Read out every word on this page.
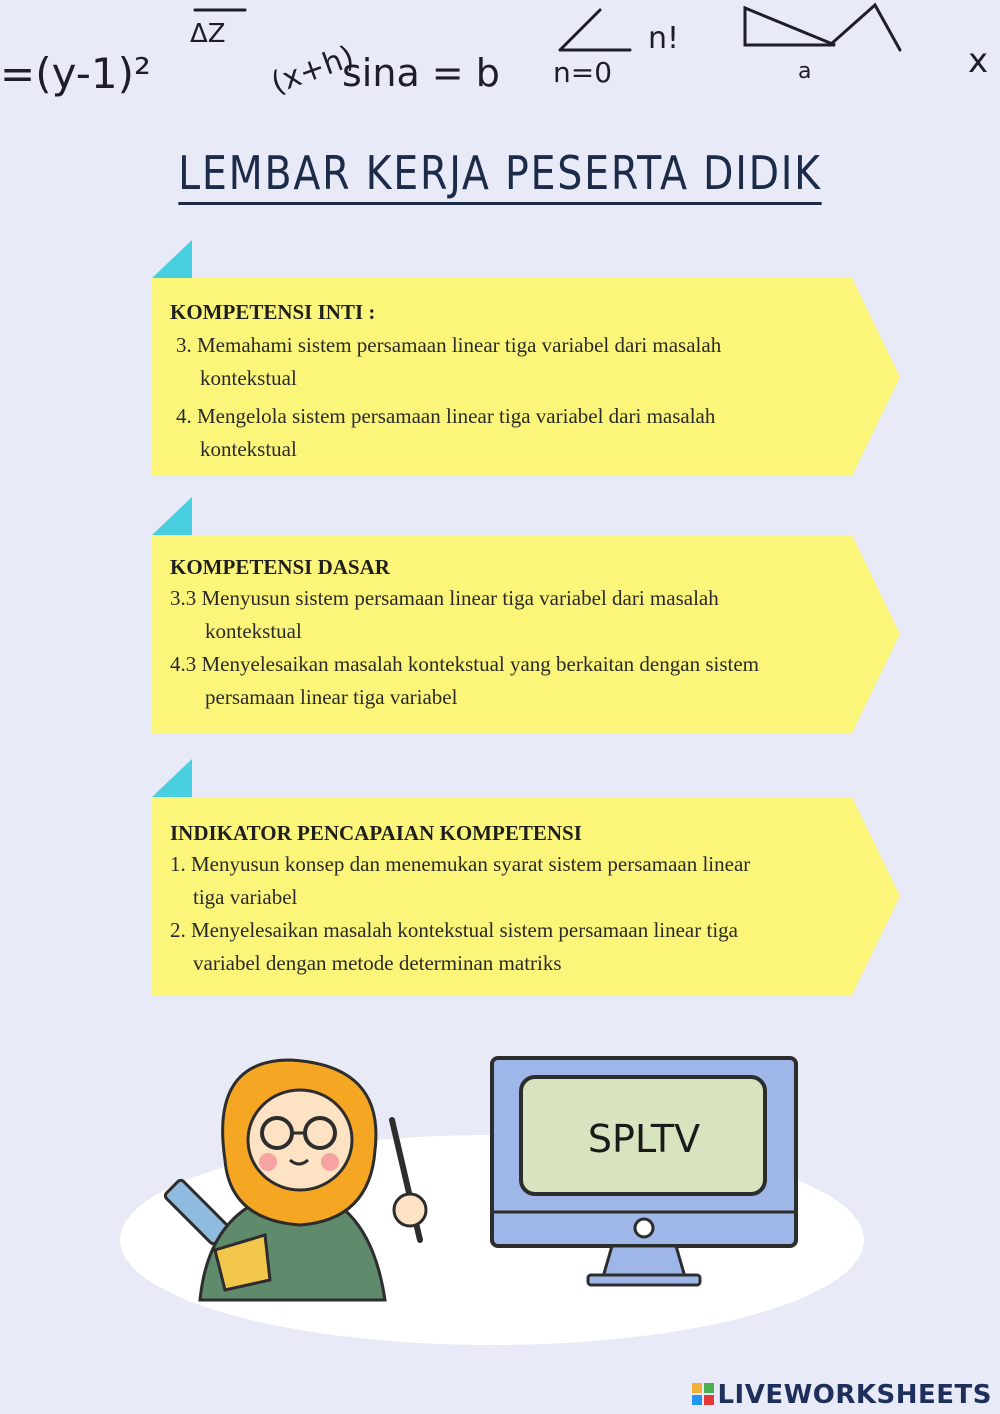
=(y-1)²
ΔZ
(x+h)
sina = b n=0
n!
a	x
LEMBAR KERJA PESERTA DIDIK
KOMPETENSI INTI :
3. Memahami sistem persamaan linear tiga variabel dari masalah
kontekstual
4. Mengelola sistem persamaan linear tiga variabel dari masalah
kontekstual
KOMPETENSI DASAR
3.3 Menyusun sistem persamaan linear tiga variabel dari masalah
kontekstual
4.3 Menyelesaikan masalah kontekstual yang berkaitan dengan sistem
persamaan linear tiga variabel
INDIKATOR PENCAPAIAN KOMPETENSI
1. Menyusun konsep dan menemukan syarat sistem persamaan linear
tiga variabel
2. Menyelesaikan masalah kontekstual sistem persamaan linear tiga
variabel dengan metode determinan matriks
SPLTV
LIVEWORKSHEETS
